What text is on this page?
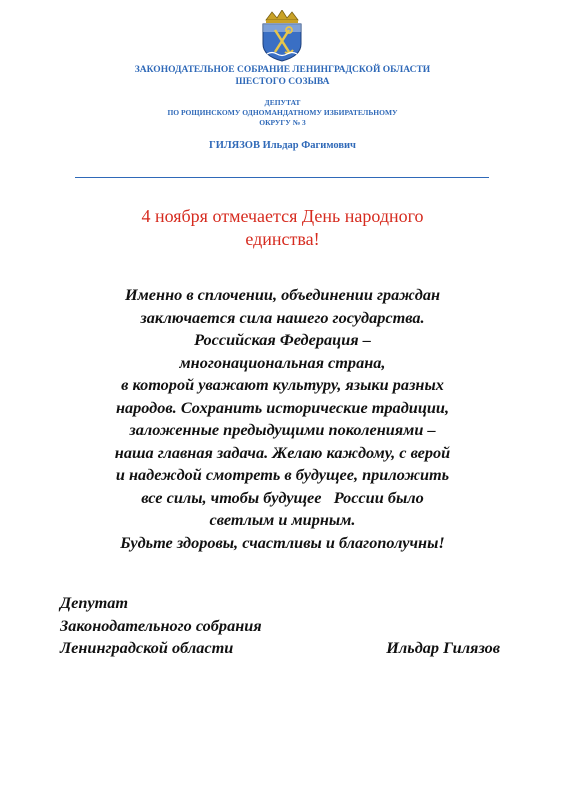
ЗАКОНОДАТЕЛЬНОЕ СОБРАНИЕ ЛЕНИНГРАДСКОЙ ОБЛАСТИ
ШЕСТОГО СОЗЫВА
ДЕПУТАТ
ПО РОЩИНСКОМУ ОДНОМАНДАТНОМУ ИЗБИРАТЕЛЬНОМУ
ОКРУГУ № 3
ГИЛЯЗОВ Ильдар Фагимович
4 ноября отмечается День народного
единства!
Именно в сплочении, объединении граждан
заключается сила нашего государства.
Российская Федерация –
многонациональная страна,
в которой уважают культуру, языки разных
народов. Сохранить исторические традиции,
заложенные предыдущими поколениями –
наша главная задача. Желаю каждому, с верой
и надеждой смотреть в будущее, приложить
все силы, чтобы будущее   России было
светлым и мирным.
Будьте здоровы, счастливы и благополучны!
Депутат
Законодательного собрания
Ленинградской области	Ильдар Гилязов
